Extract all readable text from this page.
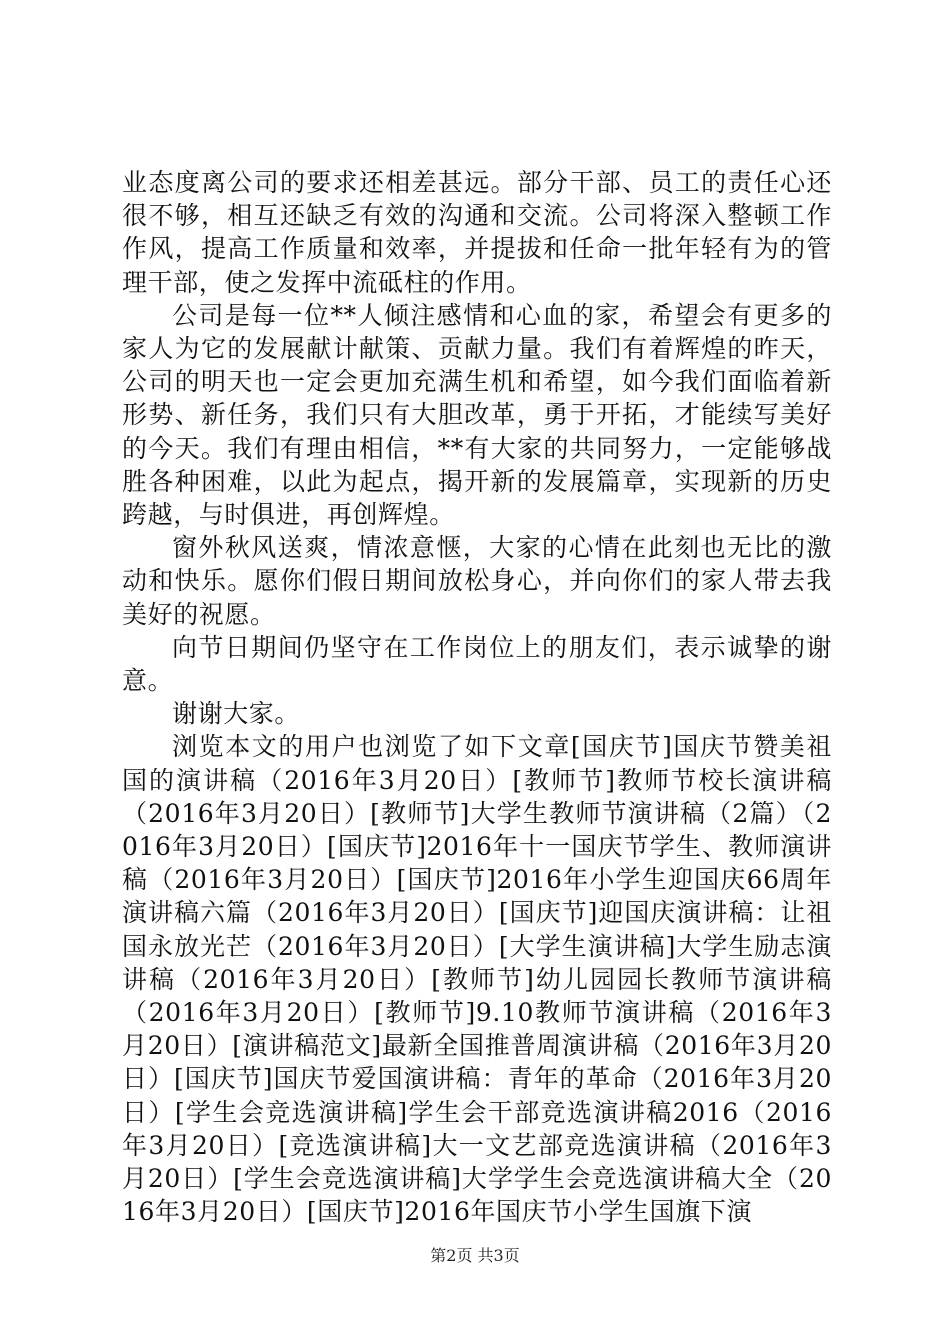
业态度离公司的要求还相差甚远。部分干部、员工的责任心还很不够，相互还缺乏有效的沟通和交流。公司将深入整顿工作作风，提高工作质量和效率，并提拔和任命一批年轻有为的管理干部，使之发挥中流砥柱的作用。

公司是每一位**人倾注感情和心血的家，希望会有更多的家人为它的发展献计献策、贡献力量。我们有着辉煌的昨天，公司的明天也一定会更加充满生机和希望，如今我们面临着新形势、新任务，我们只有大胆改革，勇于开拓，才能续写美好的今天。我们有理由相信，**有大家的共同努力，一定能够战胜各种困难，以此为起点，揭开新的发展篇章，实现新的历史跨越，与时俱进，再创辉煌。

窗外秋风送爽，情浓意惬，大家的心情在此刻也无比的激动和快乐。愿你们假日期间放松身心，并向你们的家人带去我美好的祝愿。

向节日期间仍坚守在工作岗位上的朋友们，表示诚挚的谢意。

谢谢大家。

浏览本文的用户也浏览了如下文章[国庆节]国庆节赞美祖国的演讲稿（2016年3月20日）[教师节]教师节校长演讲稿（2016年3月20日）[教师节]大学生教师节演讲稿（2篇）（2016年3月20日）[国庆节]2016年十一国庆节学生、教师演讲稿（2016年3月20日）[国庆节]2016年小学生迎国庆66周年演讲稿六篇（2016年3月20日）[国庆节]迎国庆演讲稿：让祖国永放光芒（2016年3月20日）[大学生演讲稿]大学生励志演讲稿（2016年3月20日）[教师节]幼儿园园长教师节演讲稿（2016年3月20日）[教师节]9.10教师节演讲稿（2016年3月20日）[演讲稿范文]最新全国推普周演讲稿（2016年3月20日）[国庆节]国庆节爱国演讲稿：青年的革命（2016年3月20日）[学生会竞选演讲稿]学生会干部竞选演讲稿2016（2016年3月20日）[竞选演讲稿]大一文艺部竞选演讲稿（2016年3月20日）[学生会竞选演讲稿]大学学生会竞选演讲稿大全（2016年3月20日）[国庆节]2016年国庆节小学生国旗下演

第2页 共3页
